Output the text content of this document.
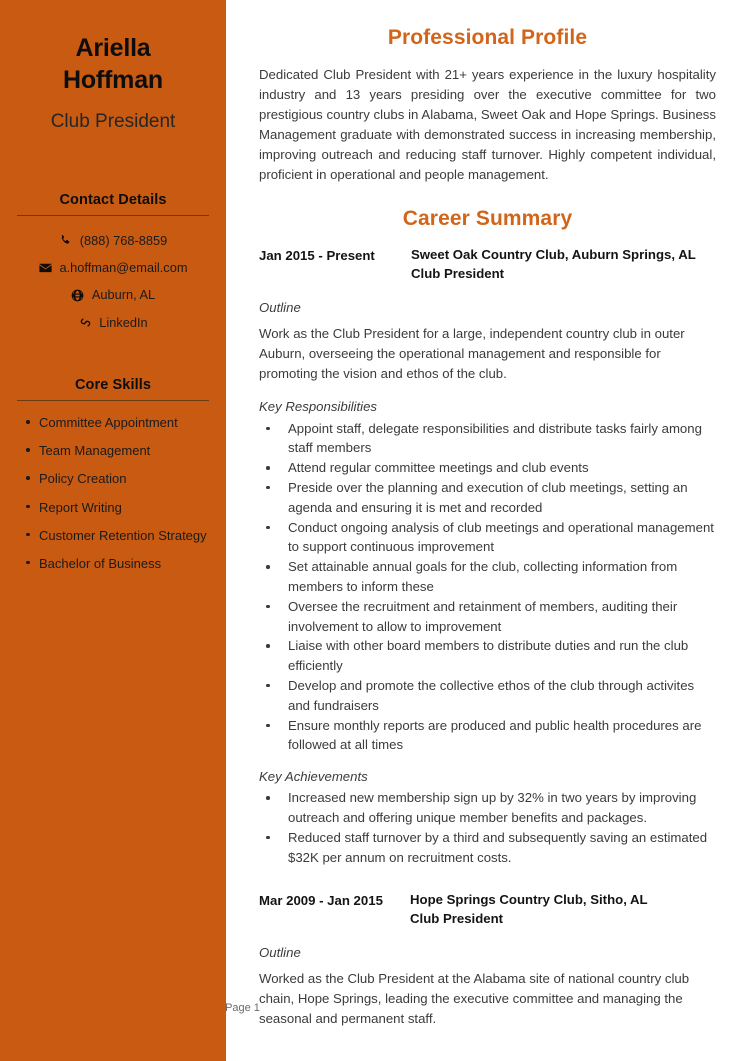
Ariella
Hoffman
Club President
Contact Details
(888) 768-8859
a.hoffman@email.com
Auburn, AL
LinkedIn
Core Skills
Committee Appointment
Team Management
Policy Creation
Report Writing
Customer Retention Strategy
Bachelor of Business
Professional Profile

Dedicated Club President with 21+ years experience in the luxury hospitality industry and 13 years presiding over the executive committee for two prestigious country clubs in Alabama, Sweet Oak and Hope Springs. Business Management graduate with demonstrated success in increasing membership, improving outreach and reducing staff turnover. Highly competent individual, proficient in operational and people management.

Career Summary
Jan 2015 - Present	Sweet Oak Country Club, Auburn Springs, AL
Club President
Outline

Work as the Club President for a large, independent country club in outer Auburn, overseeing the operational management and responsible for promoting the vision and ethos of the club.

Key Responsibilities
Appoint staff, delegate responsibilities and distribute tasks fairly among staff members
Attend regular committee meetings and club events
Preside over the planning and execution of club meetings, setting an agenda and ensuring it is met and recorded
Conduct ongoing analysis of club meetings and operational management to support continuous improvement
Set attainable annual goals for the club, collecting information from members to inform these
Oversee the recruitment and retainment of members, auditing their involvement to allow to improvement
Liaise with other board members to distribute duties and run the club efficiently
Develop and promote the collective ethos of the club through activites and fundraisers
Ensure monthly reports are produced and public health procedures are followed at all times
Key Achievements
Increased new membership sign up by 32% in two years by improving outreach and offering unique member benefits and packages.
Reduced staff turnover by a third and subsequently saving an estimated $32K per annum on recruitment costs.
Mar 2009 - Jan 2015	Hope Springs Country Club, Sitho, AL
Club President
Outline

Worked as the Club President at the Alabama site of national country club chain, Hope Springs, leading the executive committee and managing the seasonal and permanent staff.

Page 1
